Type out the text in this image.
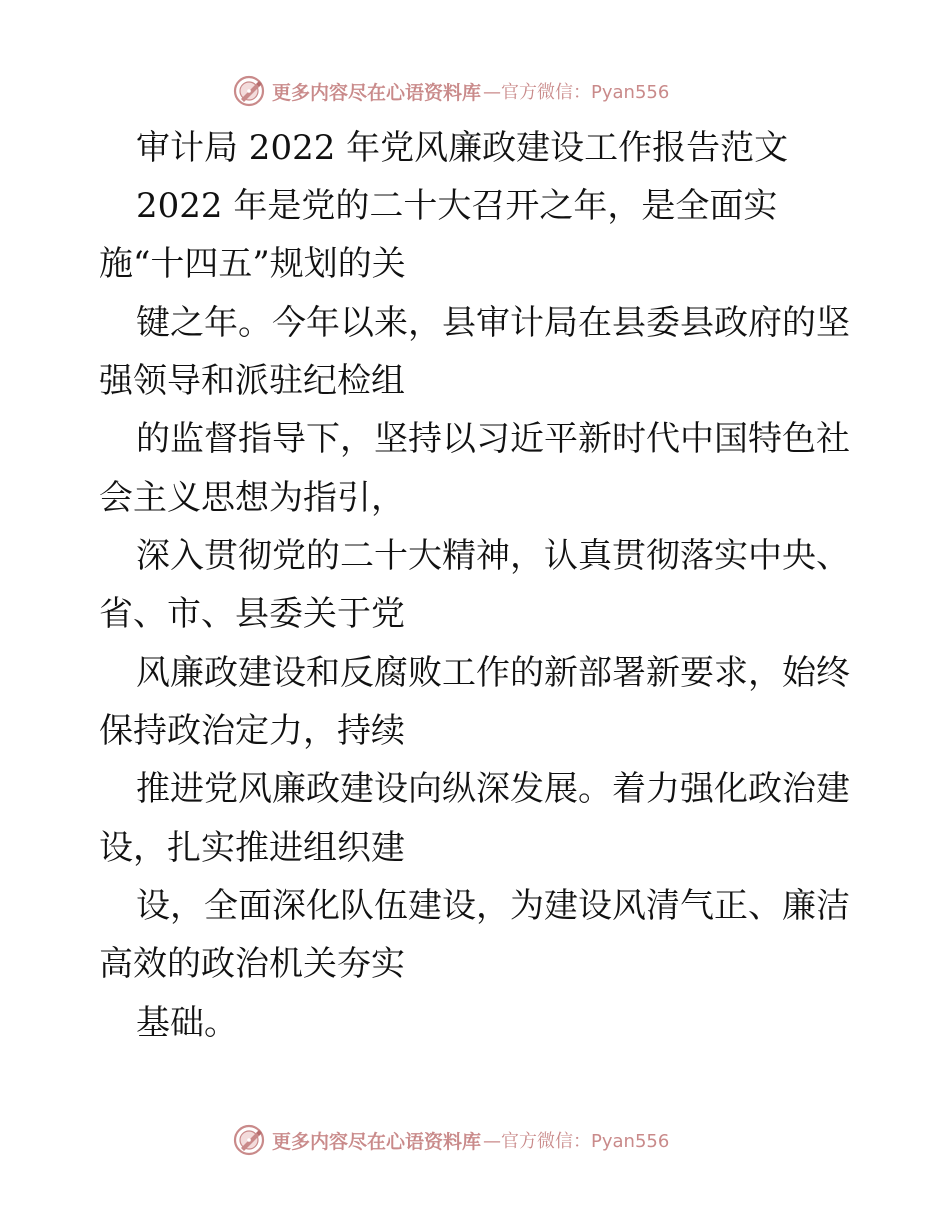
更多内容尽在心语资料库 —官方微信：Pyan556
审计局 2022 年党风廉政建设工作报告范文
2022 年是党的二十大召开之年，是全面实
施“十四五”规划的关
键之年。今年以来，县审计局在县委县政府的坚
强领导和派驻纪检组
的监督指导下，坚持以习近平新时代中国特色社
会主义思想为指引，
深入贯彻党的二十大精神，认真贯彻落实中央、
省、市、县委关于党
风廉政建设和反腐败工作的新部署新要求，始终
保持政治定力，持续
推进党风廉政建设向纵深发展。着力强化政治建
设，扎实推进组织建
设，全面深化队伍建设，为建设风清气正、廉洁
高效的政治机关夯实
基础。
更多内容尽在心语资料库 —官方微信：Pyan556
